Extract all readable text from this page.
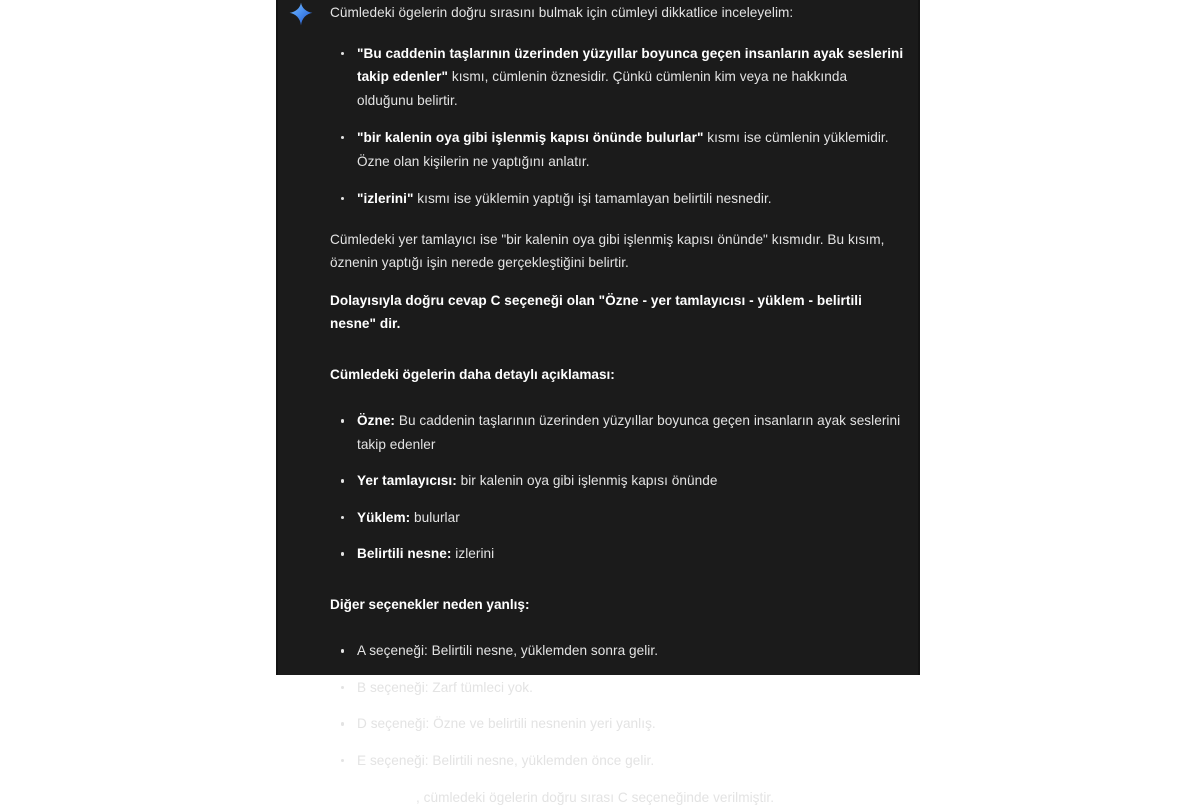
Cümledeki ögelerin doğru sırasını bulmak için cümleyi dikkatlice inceleyelim:

"Bu caddenin taşlarının üzerinden yüzyıllar boyunca geçen insanların ayak seslerini takip edenler" kısmı, cümlenin öznesidir. Çünkü cümlenin kim veya ne hakkında olduğunu belirtir.
"bir kalenin oya gibi işlenmiş kapısı önünde bulurlar" kısmı ise cümlenin yüklemidir. Özne olan kişilerin ne yaptığını anlatır.
"izlerini" kısmı ise yüklemin yaptığı işi tamamlayan belirtili nesnedir.

Cümledeki yer tamlayıcı ise "bir kalenin oya gibi işlenmiş kapısı önünde" kısmıdır. Bu kısım, öznenin yaptığı işin nerede gerçekleştiğini belirtir.

Dolayısıyla doğru cevap C seçeneği olan "Özne - yer tamlayıcısı - yüklem - belirtili nesne" dir.

Cümledeki ögelerin daha detaylı açıklaması:

Özne: Bu caddenin taşlarının üzerinden yüzyıllar boyunca geçen insanların ayak seslerini takip edenler
Yer tamlayıcısı: bir kalenin oya gibi işlenmiş kapısı önünde
Yüklem: bulurlar
Belirtili nesne: izlerini

Diğer seçenekler neden yanlış:

A seçeneği: Belirtili nesne, yüklemden sonra gelir.
B seçeneği: Zarf tümleci yok.
D seçeneği: Özne ve belirtili nesnenin yeri yanlış.
E seçeneği: Belirtili nesne, yüklemden önce gelir.

Sonuç olarak, cümledeki ögelerin doğru sırası C seçeneğinde verilmiştir.
